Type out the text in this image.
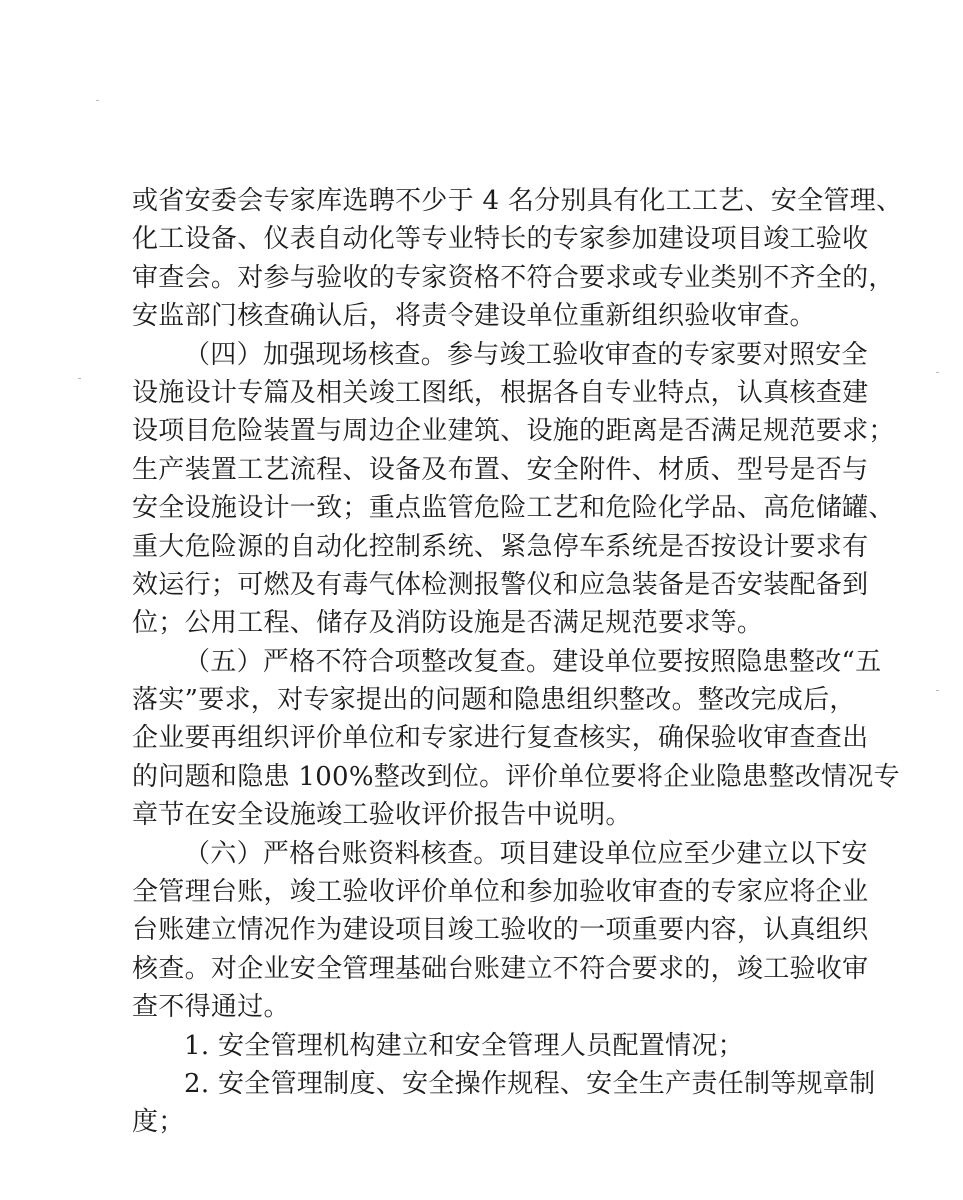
或省安委会专家库选聘不少于 4 名分别具有化工工艺、安全管理、
化工设备、仪表自动化等专业特长的专家参加建设项目竣工验收
审查会。对参与验收的专家资格不符合要求或专业类别不齐全的，
安监部门核查确认后，将责令建设单位重新组织验收审查。
（四）加强现场核查。参与竣工验收审查的专家要对照安全
设施设计专篇及相关竣工图纸，根据各自专业特点，认真核查建
设项目危险装置与周边企业建筑、设施的距离是否满足规范要求；
生产装置工艺流程、设备及布置、安全附件、材质、型号是否与
安全设施设计一致；重点监管危险工艺和危险化学品、高危储罐、
重大危险源的自动化控制系统、紧急停车系统是否按设计要求有
效运行；可燃及有毒气体检测报警仪和应急装备是否安装配备到
位；公用工程、储存及消防设施是否满足规范要求等。
（五）严格不符合项整改复查。建设单位要按照隐患整改“五
落实”要求，对专家提出的问题和隐患组织整改。整改完成后，
企业要再组织评价单位和专家进行复查核实，确保验收审查查出
的问题和隐患 100%整改到位。评价单位要将企业隐患整改情况专
章节在安全设施竣工验收评价报告中说明。
（六）严格台账资料核查。项目建设单位应至少建立以下安
全管理台账，竣工验收评价单位和参加验收审查的专家应将企业
台账建立情况作为建设项目竣工验收的一项重要内容，认真组织
核查。对企业安全管理基础台账建立不符合要求的，竣工验收审
查不得通过。
1. 安全管理机构建立和安全管理人员配置情况；
2. 安全管理制度、安全操作规程、安全生产责任制等规章制
度；
